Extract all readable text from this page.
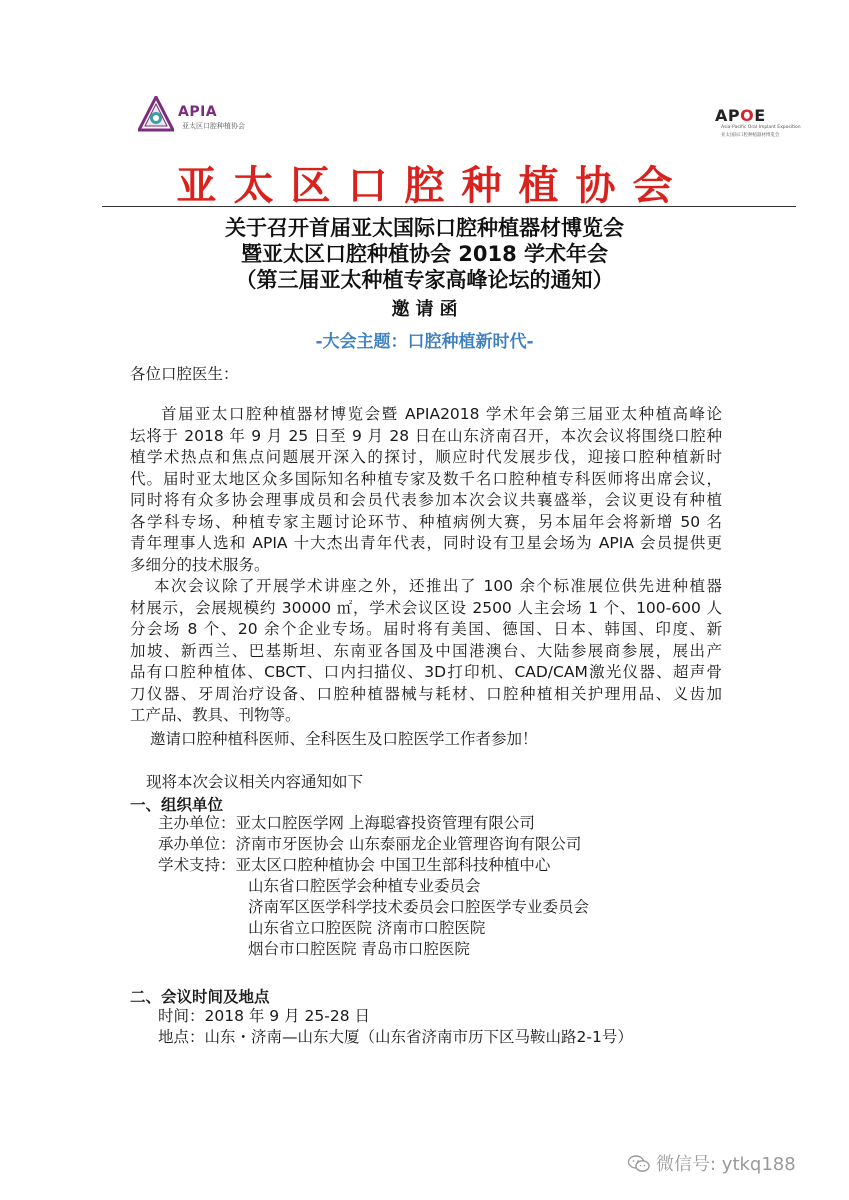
APIA
亚太区口腔种植协会
APOE
Asia-Pacific Oral Implant Exposition
亚太国际口腔种植器材博览会
亚太区口腔种植协会
关于召开首届亚太国际口腔种植器材博览会
暨亚太区口腔种植协会 2018 学术年会
（第三届亚太种植专家高峰论坛的通知）
邀请函
-大会主题：口腔种植新时代-
各位口腔医生：
首届亚太口腔种植器材博览会暨 APIA2018 学术年会第三届亚太种植高峰论
坛将于 2018 年 9 月 25 日至 9 月 28 日在山东济南召开，本次会议将围绕口腔种
植学术热点和焦点问题展开深入的探讨，顺应时代发展步伐，迎接口腔种植新时
代。届时亚太地区众多国际知名种植专家及数千名口腔种植专科医师将出席会议，
同时将有众多协会理事成员和会员代表参加本次会议共襄盛举，会议更设有种植
各学科专场、种植专家主题讨论环节、种植病例大赛，另本届年会将新增 50 名
青年理事人选和 APIA 十大杰出青年代表，同时设有卫星会场为 APIA 会员提供更
多细分的技术服务。
本次会议除了开展学术讲座之外，还推出了 100 余个标准展位供先进种植器
材展示，会展规模约 30000 ㎡，学术会议区设 2500 人主会场 1 个、100-600 人
分会场 8 个、20 余个企业专场。届时将有美国、德国、日本、韩国、印度、新
加坡、新西兰、巴基斯坦、东南亚各国及中国港澳台、大陆参展商参展，展出产
品有口腔种植体、CBCT、口内扫描仪、3D打印机、CAD/CAM激光仪器、超声骨
刀仪器、牙周治疗设备、口腔种植器械与耗材、口腔种植相关护理用品、义齿加
工产品、教具、刊物等。
邀请口腔种植科医师、全科医生及口腔医学工作者参加！
现将本次会议相关内容通知如下
一、组织单位
主办单位：亚太口腔医学网 上海聪睿投资管理有限公司
承办单位：济南市牙医协会 山东泰丽龙企业管理咨询有限公司
学术支持：亚太区口腔种植协会 中国卫生部科技种植中心
山东省口腔医学会种植专业委员会
济南军区医学科学技术委员会口腔医学专业委员会
山东省立口腔医院 济南市口腔医院
烟台市口腔医院 青岛市口腔医院
二、会议时间及地点
时间：2018 年 9 月 25-28 日
地点：山东・济南—山东大厦（山东省济南市历下区马鞍山路2-1号）
微信号: ytkq188
